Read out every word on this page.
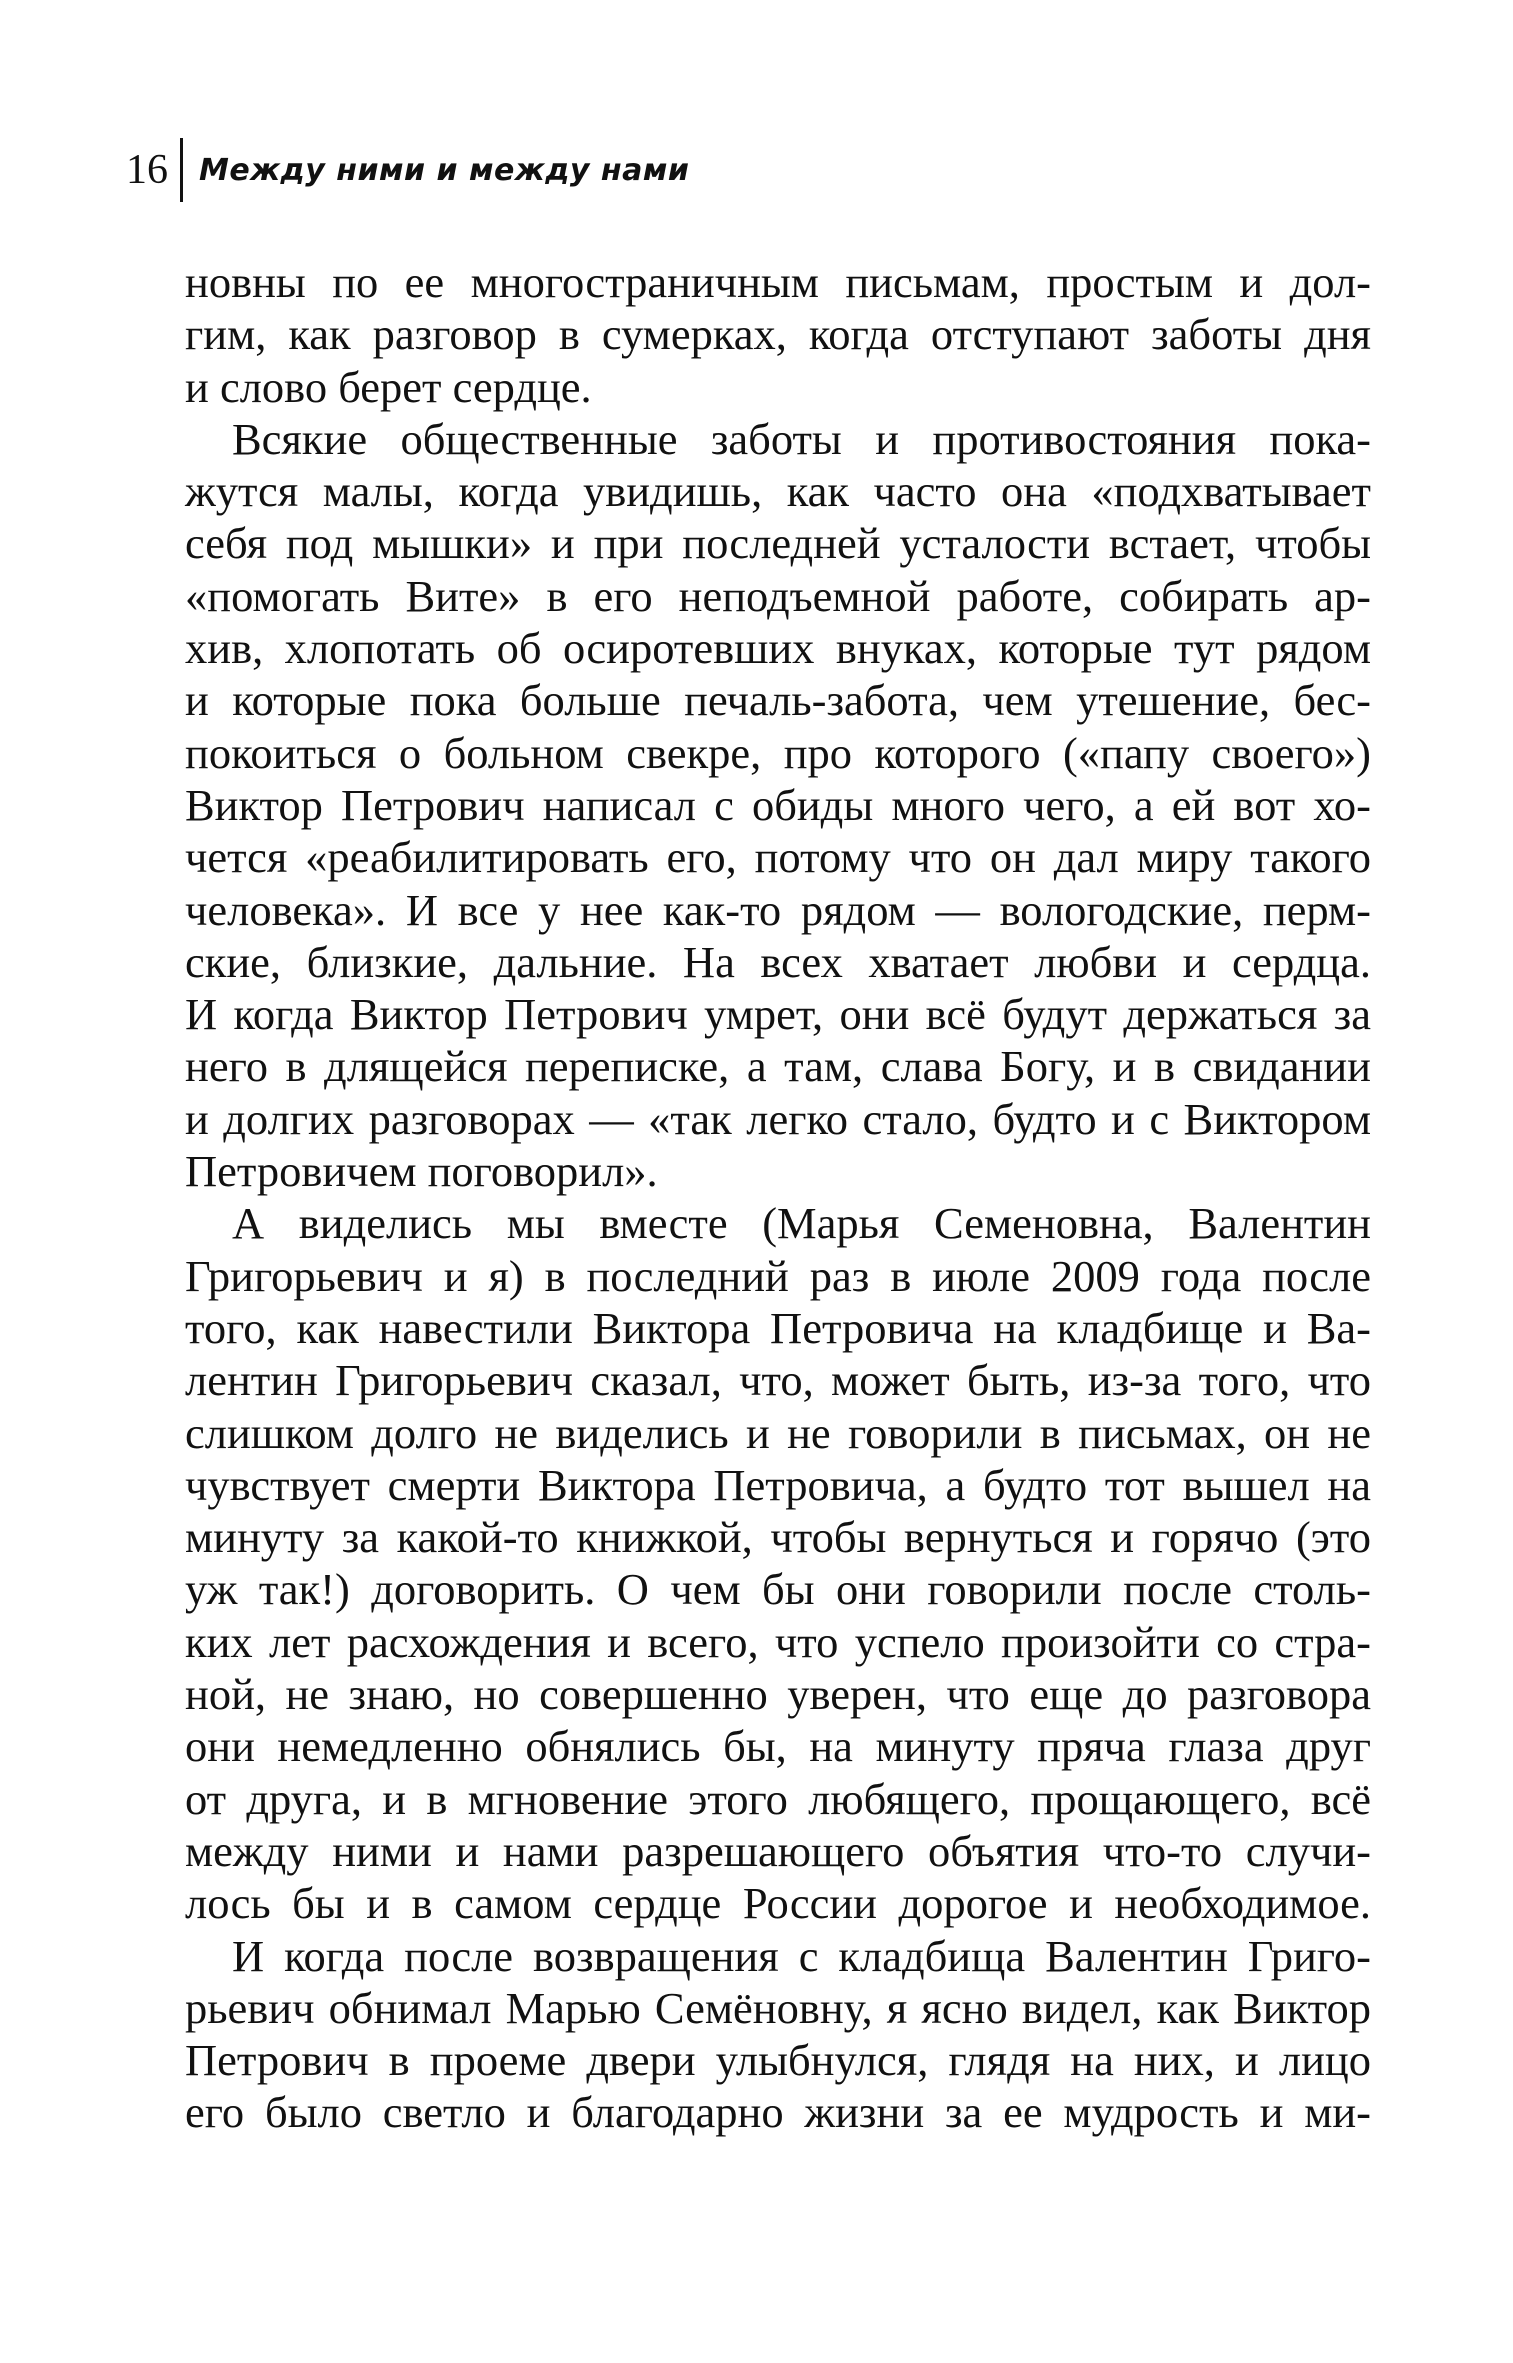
16	Между ними и между нами
новны по ее многостраничным письмам, простым и дол-
гим, как разговор в сумерках, когда отступают заботы дня
и слово берет сердце.
Всякие общественные заботы и противостояния пока-
жутся малы, когда увидишь, как часто она «подхватывает
себя под мышки» и при последней усталости встает, чтобы
«помогать Вите» в его неподъемной работе, собирать ар-
хив, хлопотать об осиротевших внуках, которые тут рядом
и которые пока больше печаль-забота, чем утешение, бес-
покоиться о больном свекре, про которого («папу своего»)
Виктор Петрович написал с обиды много чего, а ей вот хо-
чется «реабилитировать его, потому что он дал миру такого
человека». И все у нее как-то рядом — вологодские, перм-
ские, близкие, дальние. На всех хватает любви и сердца.
И когда Виктор Петрович умрет, они всё будут держаться за
него в длящейся переписке, а там, слава Богу, и в свидании
и долгих разговорах — «так легко стало, будто и с Виктором
Петровичем поговорил».
А виделись мы вместе (Марья Семеновна, Валентин
Григорьевич и я) в последний раз в июле 2009 года после
того, как навестили Виктора Петровича на кладбище и Ва-
лентин Григорьевич сказал, что, может быть, из-за того, что
слишком долго не виделись и не говорили в письмах, он не
чувствует смерти Виктора Петровича, а будто тот вышел на
минуту за какой-то книжкой, чтобы вернуться и горячо (это
уж так!) договорить. О чем бы они говорили после столь-
ких лет расхождения и всего, что успело произойти со стра-
ной, не знаю, но совершенно уверен, что еще до разговора
они немедленно обнялись бы, на минуту пряча глаза друг
от друга, и в мгновение этого любящего, прощающего, всё
между ними и нами разрешающего объятия что-то случи-
лось бы и в самом сердце России дорогое и необходимое.
И когда после возвращения с кладбища Валентин Григо-
рьевич обнимал Марью Семёновну, я ясно видел, как Виктор
Петрович в проеме двери улыбнулся, глядя на них, и лицо
его было светло и благодарно жизни за ее мудрость и ми-
